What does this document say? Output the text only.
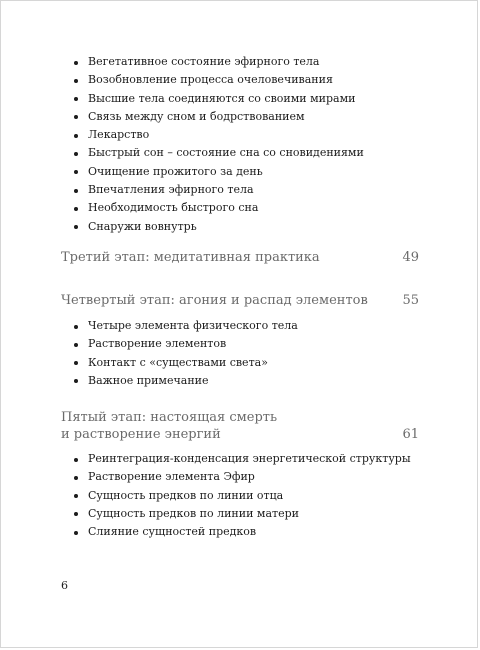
Вегетативное состояние эфирного тела
Возобновление процесса очеловечивания
Высшие тела соединяются со своими мирами
Связь между сном и бодрствованием
Лекарство
Быстрый сон – состояние сна со сновидениями
Очищение прожитого за день
Впечатления эфирного тела
Необходимость быстрого сна
Снаружи вовнутрь
Третий этап: медитативная практика	49
Четвертый этап: агония и распад элементов	55
Четыре элемента физического тела
Растворение элементов
Контакт с «существами света»
Важное примечание
Пятый этап: настоящая смерть
и растворение энергий	61
Реинтеграция-конденсация энергетической структуры
Растворение элемента Эфир
Сущность предков по линии отца
Сущность предков по линии матери
Слияние сущностей предков
6
